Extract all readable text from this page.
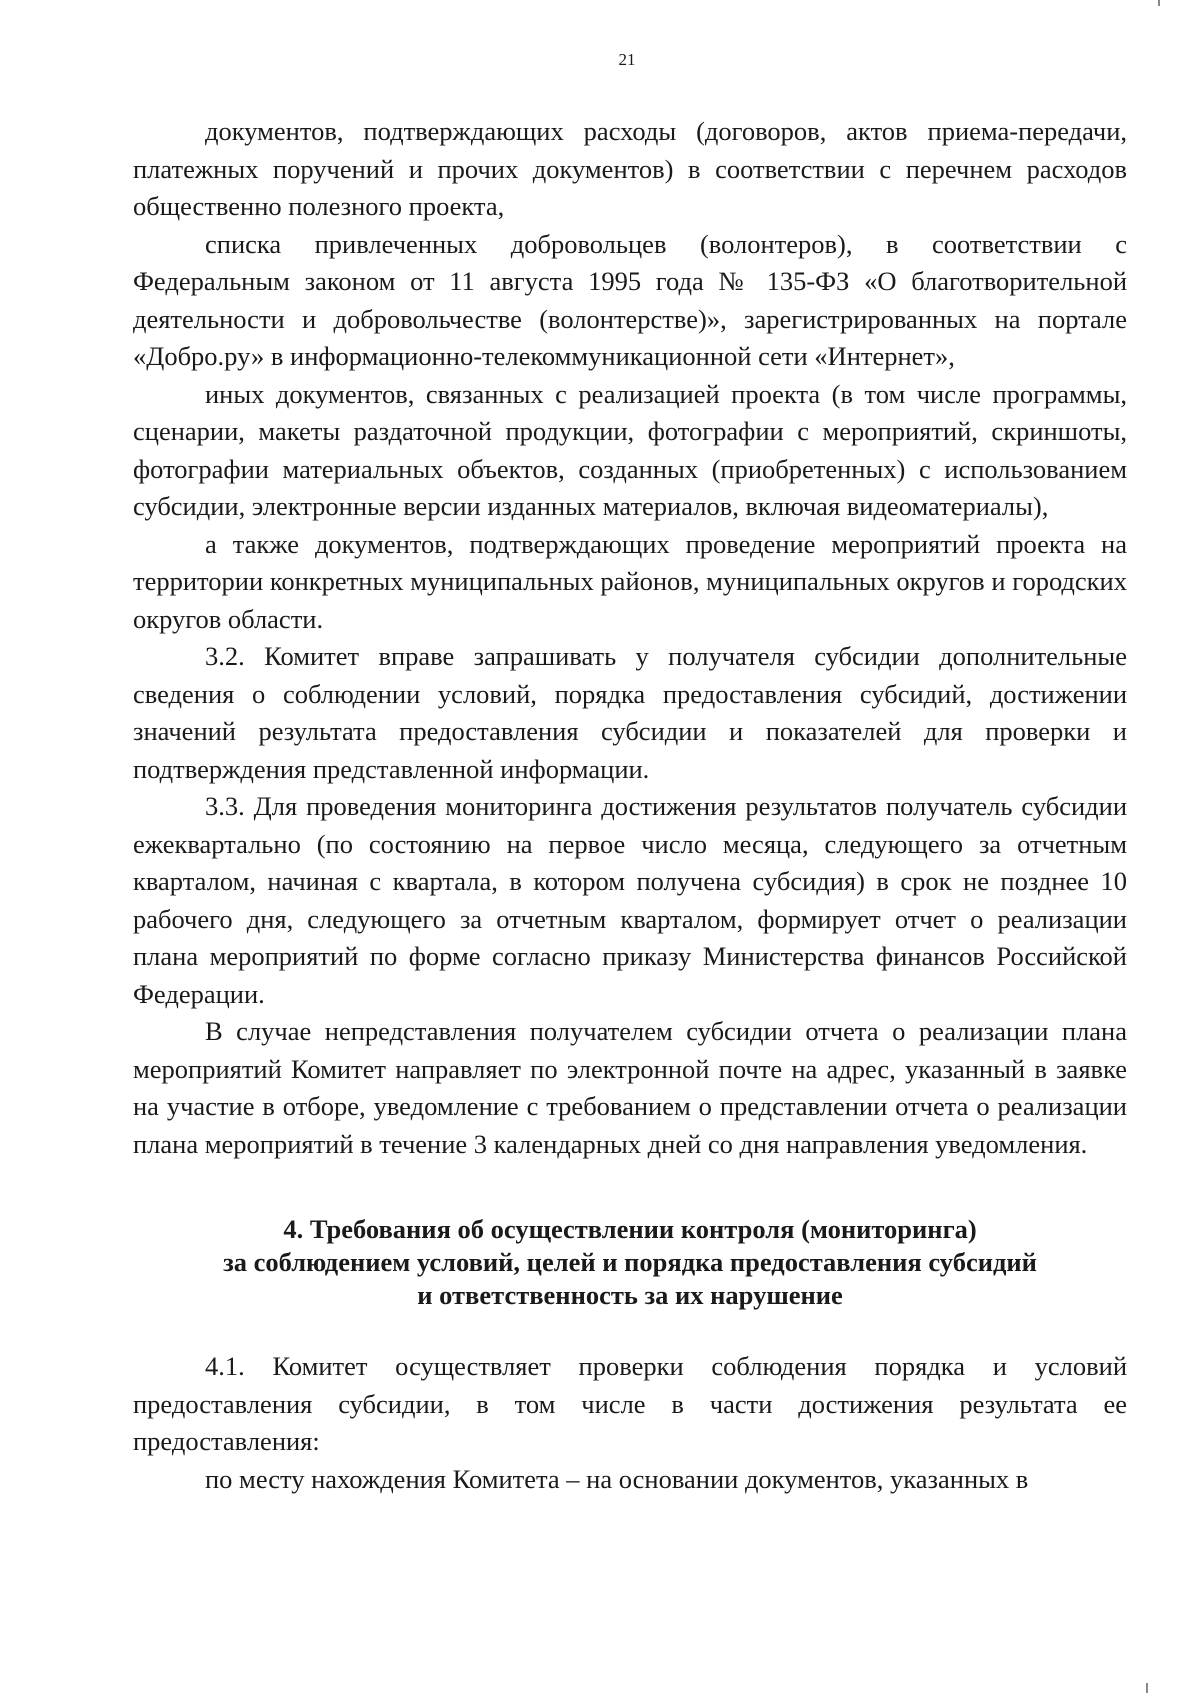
21

документов, подтверждающих расходы (договоров, актов приема-передачи, платежных поручений и прочих документов) в соответствии с перечнем расходов общественно полезного проекта,

списка привлеченных добровольцев (волонтеров), в соответствии с Федеральным законом от 11 августа 1995 года № 135-ФЗ «О благотворительной деятельности и добровольчестве (волонтерстве)», зарегистрированных на портале «Добро.ру» в информационно-телекоммуникационной сети «Интернет»,

иных документов, связанных с реализацией проекта (в том числе программы, сценарии, макеты раздаточной продукции, фотографии с мероприятий, скриншоты, фотографии материальных объектов, созданных (приобретенных) с использованием субсидии, электронные версии изданных материалов, включая видеоматериалы),

а также документов, подтверждающих проведение мероприятий проекта на территории конкретных муниципальных районов, муниципальных округов и городских округов области.

3.2. Комитет вправе запрашивать у получателя субсидии дополнительные сведения о соблюдении условий, порядка предоставления субсидий, достижении значений результата предоставления субсидии и показателей для проверки и подтверждения представленной информации.

3.3. Для проведения мониторинга достижения результатов получатель субсидии ежеквартально (по состоянию на первое число месяца, следующего за отчетным кварталом, начиная с квартала, в котором получена субсидия) в срок не позднее 10 рабочего дня, следующего за отчетным кварталом, формирует отчет о реализации плана мероприятий по форме согласно приказу Министерства финансов Российской Федерации.

В случае непредставления получателем субсидии отчета о реализации плана мероприятий Комитет направляет по электронной почте на адрес, указанный в заявке на участие в отборе, уведомление с требованием о представлении отчета о реализации плана мероприятий в течение 3 календарных дней со дня направления уведомления.

4. Требования об осуществлении контроля (мониторинга)
за соблюдением условий, целей и порядка предоставления субсидий
и ответственность за их нарушение

4.1. Комитет осуществляет проверки соблюдения порядка и условий предоставления субсидии, в том числе в части достижения результата ее предоставления:

по месту нахождения Комитета – на основании документов, указанных в
